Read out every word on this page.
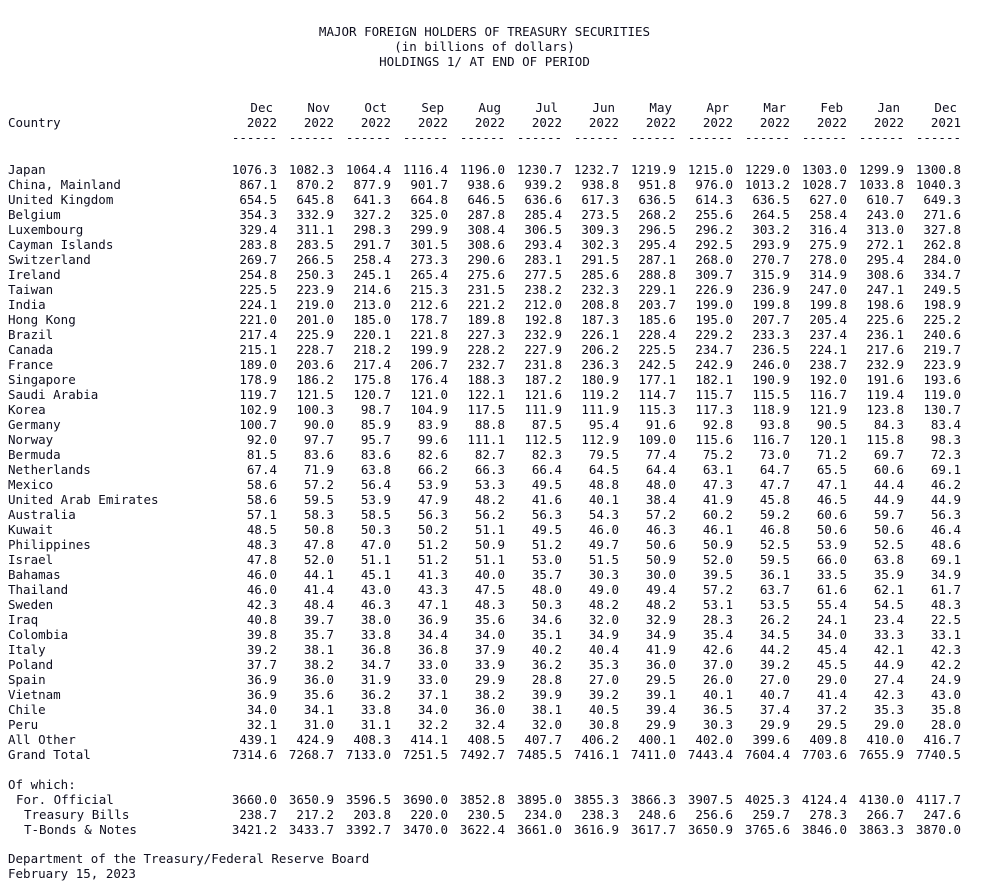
MAJOR FOREIGN HOLDERS OF TREASURY SECURITIES
(in billions of dollars)
HOLDINGS 1/ AT END OF PERIOD
Dec	Nov	Oct	Sep	Aug	Jul	Jun	May	Apr	Mar	Feb	Jan	Dec
Country	2022	2022	2022	2022	2022	2022	2022	2022	2022	2022	2022	2022	2021
------ ------ ------ ------ ------ ------ ------ ------ ------ ------ ------ ------ ------
Japan	1076.3 1082.3 1064.4 1116.4 1196.0 1230.7 1232.7 1219.9 1215.0 1229.0 1303.0 1299.9 1300.8
China, Mainland	867.1	870.2	877.9	901.7	938.6	939.2	938.8	951.8	976.0 1013.2 1028.7 1033.8 1040.3
United Kingdom	654.5	645.8	641.3	664.8	646.5	636.6	617.3	636.5	614.3	636.5	627.0	610.7	649.3
Belgium	354.3	332.9	327.2	325.0	287.8	285.4	273.5	268.2	255.6	264.5	258.4	243.0	271.6
Luxembourg	329.4	311.1	298.3	299.9	308.4	306.5	309.3	296.5	296.2	303.2	316.4	313.0	327.8
Cayman Islands	283.8	283.5	291.7	301.5	308.6	293.4	302.3	295.4	292.5	293.9	275.9	272.1	262.8
Switzerland	269.7	266.5	258.4	273.3	290.6	283.1	291.5	287.1	268.0	270.7	278.0	295.4	284.0
Ireland	254.8	250.3	245.1	265.4	275.6	277.5	285.6	288.8	309.7	315.9	314.9	308.6	334.7
Taiwan	225.5	223.9	214.6	215.3	231.5	238.2	232.3	229.1	226.9	236.9	247.0	247.1	249.5
India	224.1	219.0	213.0	212.6	221.2	212.0	208.8	203.7	199.0	199.8	199.8	198.6	198.9
Hong Kong	221.0	201.0	185.0	178.7	189.8	192.8	187.3	185.6	195.0	207.7	205.4	225.6	225.2
Brazil	217.4	225.9	220.1	221.8	227.3	232.9	226.1	228.4	229.2	233.3	237.4	236.1	240.6
Canada	215.1	228.7	218.2	199.9	228.2	227.9	206.2	225.5	234.7	236.5	224.1	217.6	219.7
France	189.0	203.6	217.4	206.7	232.7	231.8	236.3	242.5	242.9	246.0	238.7	232.9	223.9
Singapore	178.9	186.2	175.8	176.4	188.3	187.2	180.9	177.1	182.1	190.9	192.0	191.6	193.6
Saudi Arabia	119.7	121.5	120.7	121.0	122.1	121.6	119.2	114.7	115.7	115.5	116.7	119.4	119.0
Korea	102.9	100.3	98.7	104.9	117.5	111.9	111.9	115.3	117.3	118.9	121.9	123.8	130.7
Germany	100.7	90.0	85.9	83.9	88.8	87.5	95.4	91.6	92.8	93.8	90.5	84.3	83.4
Norway	92.0	97.7	95.7	99.6	111.1	112.5	112.9	109.0	115.6	116.7	120.1	115.8	98.3
Bermuda	81.5	83.6	83.6	82.6	82.7	82.3	79.5	77.4	75.2	73.0	71.2	69.7	72.3
Netherlands	67.4	71.9	63.8	66.2	66.3	66.4	64.5	64.4	63.1	64.7	65.5	60.6	69.1
Mexico	58.6	57.2	56.4	53.9	53.3	49.5	48.8	48.0	47.3	47.7	47.1	44.4	46.2
United Arab Emirates	58.6	59.5	53.9	47.9	48.2	41.6	40.1	38.4	41.9	45.8	46.5	44.9	44.9
Australia	57.1	58.3	58.5	56.3	56.2	56.3	54.3	57.2	60.2	59.2	60.6	59.7	56.3
Kuwait	48.5	50.8	50.3	50.2	51.1	49.5	46.0	46.3	46.1	46.8	50.6	50.6	46.4
Philippines	48.3	47.8	47.0	51.2	50.9	51.2	49.7	50.6	50.9	52.5	53.9	52.5	48.6
Israel	47.8	52.0	51.1	51.2	51.1	53.0	51.5	50.9	52.0	59.5	66.0	63.8	69.1
Bahamas	46.0	44.1	45.1	41.3	40.0	35.7	30.3	30.0	39.5	36.1	33.5	35.9	34.9
Thailand	46.0	41.4	43.0	43.3	47.5	48.0	49.0	49.4	57.2	63.7	61.6	62.1	61.7
Sweden	42.3	48.4	46.3	47.1	48.3	50.3	48.2	48.2	53.1	53.5	55.4	54.5	48.3
Iraq	40.8	39.7	38.0	36.9	35.6	34.6	32.0	32.9	28.3	26.2	24.1	23.4	22.5
Colombia	39.8	35.7	33.8	34.4	34.0	35.1	34.9	34.9	35.4	34.5	34.0	33.3	33.1
Italy	39.2	38.1	36.8	36.8	37.9	40.2	40.4	41.9	42.6	44.2	45.4	42.1	42.3
Poland	37.7	38.2	34.7	33.0	33.9	36.2	35.3	36.0	37.0	39.2	45.5	44.9	42.2
Spain	36.9	36.0	31.9	33.0	29.9	28.8	27.0	29.5	26.0	27.0	29.0	27.4	24.9
Vietnam	36.9	35.6	36.2	37.1	38.2	39.9	39.2	39.1	40.1	40.7	41.4	42.3	43.0
Chile	34.0	34.1	33.8	34.0	36.0	38.1	40.5	39.4	36.5	37.4	37.2	35.3	35.8
Peru	32.1	31.0	31.1	32.2	32.4	32.0	30.8	29.9	30.3	29.9	29.5	29.0	28.0
All Other	439.1	424.9	408.3	414.1	408.5	407.7	406.2	400.1	402.0	399.6	409.8	410.0	416.7
Grand Total	7314.6 7268.7 7133.0 7251.5 7492.7 7485.5 7416.1 7411.0 7443.4 7604.4 7703.6 7655.9 7740.5
Of which:
For. Official	3660.0 3650.9 3596.5 3690.0 3852.8 3895.0 3855.3 3866.3 3907.5 4025.3 4124.4 4130.0 4117.7
Treasury Bills	238.7	217.2	203.8	220.0	230.5	234.0	238.3	248.6	256.6	259.7	278.3	266.7	247.6
T-Bonds & Notes	3421.2 3433.7 3392.7 3470.0 3622.4 3661.0 3616.9 3617.7 3650.9 3765.6 3846.0 3863.3 3870.0
Department of the Treasury/Federal Reserve Board
February 15, 2023
